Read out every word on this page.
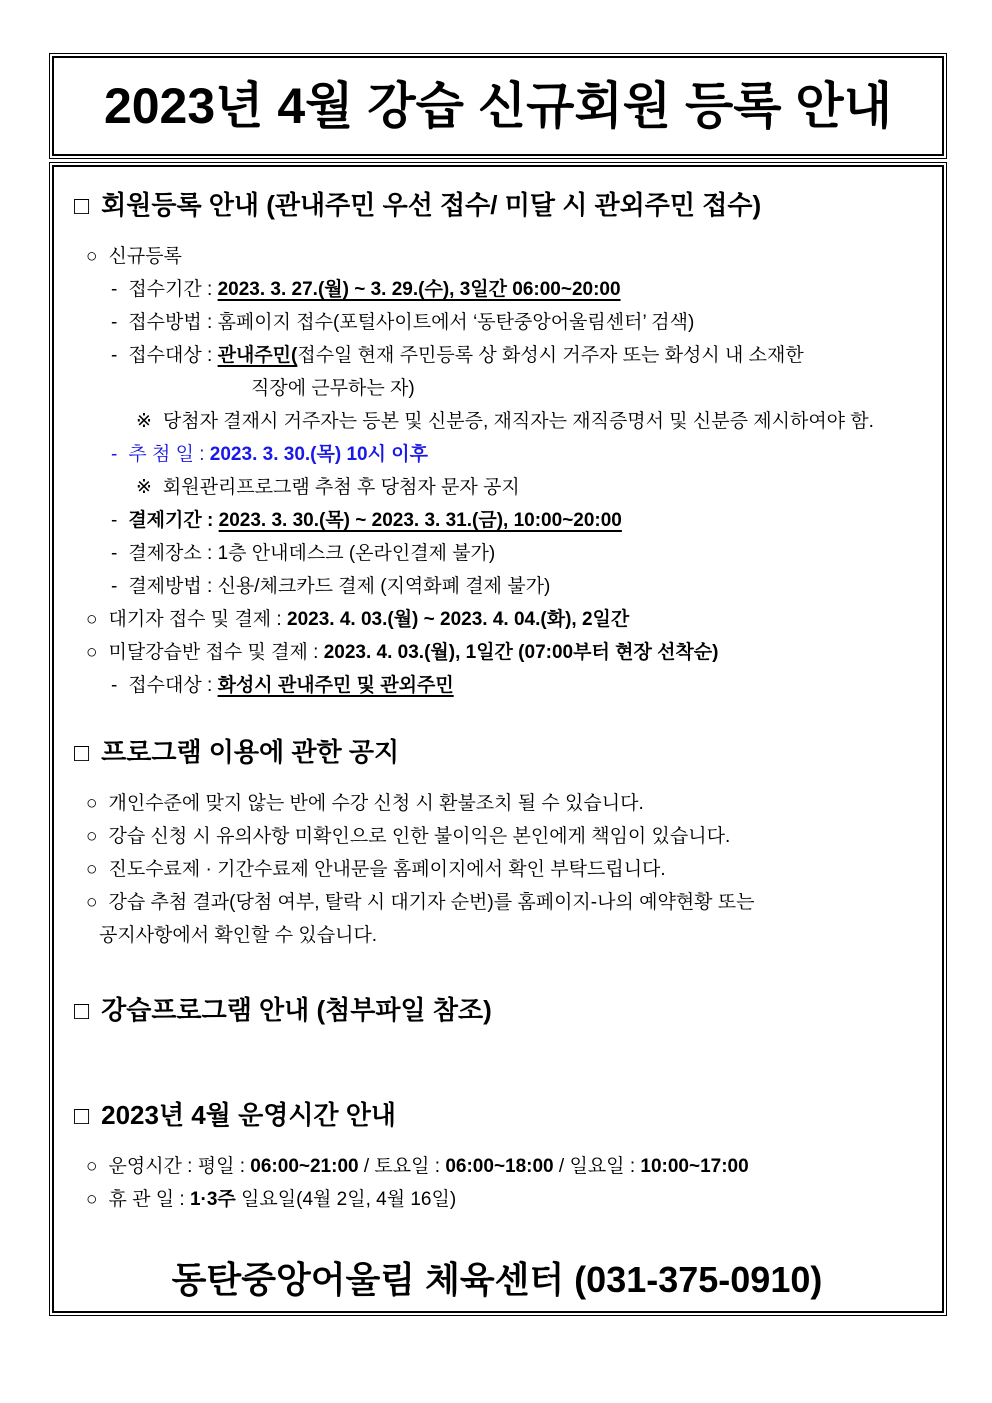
2023년 4월 강습 신규회원 등록 안내
□ 회원등록 안내 (관내주민 우선 접수/ 미달 시 관외주민 접수)
○ 신규등록
- 접수기간 : 2023. 3. 27.(월) ~ 3. 29.(수), 3일간 06:00~20:00
- 접수방법 : 홈페이지 접수(포털사이트에서 ‘동탄중앙어울림센터’ 검색)
- 접수대상 : 관내주민(접수일 현재 주민등록 상 화성시 거주자 또는 화성시 내 소재한
직장에 근무하는 자)
※ 당첨자 결재시 거주자는 등본 및 신분증, 재직자는 재직증명서 및 신분증 제시하여야 함.
- 추 첨 일 : 2023. 3. 30.(목) 10시 이후
※ 회원관리프로그램 추첨 후 당첨자 문자 공지
- 결제기간 : 2023. 3. 30.(목) ~ 2023. 3. 31.(금), 10:00~20:00
- 결제장소 : 1층 안내데스크 (온라인결제 불가)
- 결제방법 : 신용/체크카드 결제 (지역화폐 결제 불가)
○ 대기자 접수 및 결제 : 2023. 4. 03.(월) ~ 2023. 4. 04.(화), 2일간
○ 미달강습반 접수 및 결제 : 2023. 4. 03.(월), 1일간 (07:00부터 현장 선착순)
- 접수대상 : 화성시 관내주민 및 관외주민
□ 프로그램 이용에 관한 공지
○ 개인수준에 맞지 않는 반에 수강 신청 시 환불조치 될 수 있습니다.
○ 강습 신청 시 유의사항 미확인으로 인한 불이익은 본인에게 책임이 있습니다.
○ 진도수료제 · 기간수료제 안내문을 홈페이지에서 확인 부탁드립니다.
○ 강습 추첨 결과(당첨 여부, 탈락 시 대기자 순번)를 홈페이지-나의 예약현황 또는
공지사항에서 확인할 수 있습니다.
□ 강습프로그램 안내 (첨부파일 참조)
□ 2023년 4월 운영시간 안내
○ 운영시간 : 평일 : 06:00~21:00 / 토요일 : 06:00~18:00 / 일요일 : 10:00~17:00
○ 휴 관 일 : 1·3주 일요일(4월 2일, 4월 16일)
동탄중앙어울림 체육센터 (031-375-0910)
